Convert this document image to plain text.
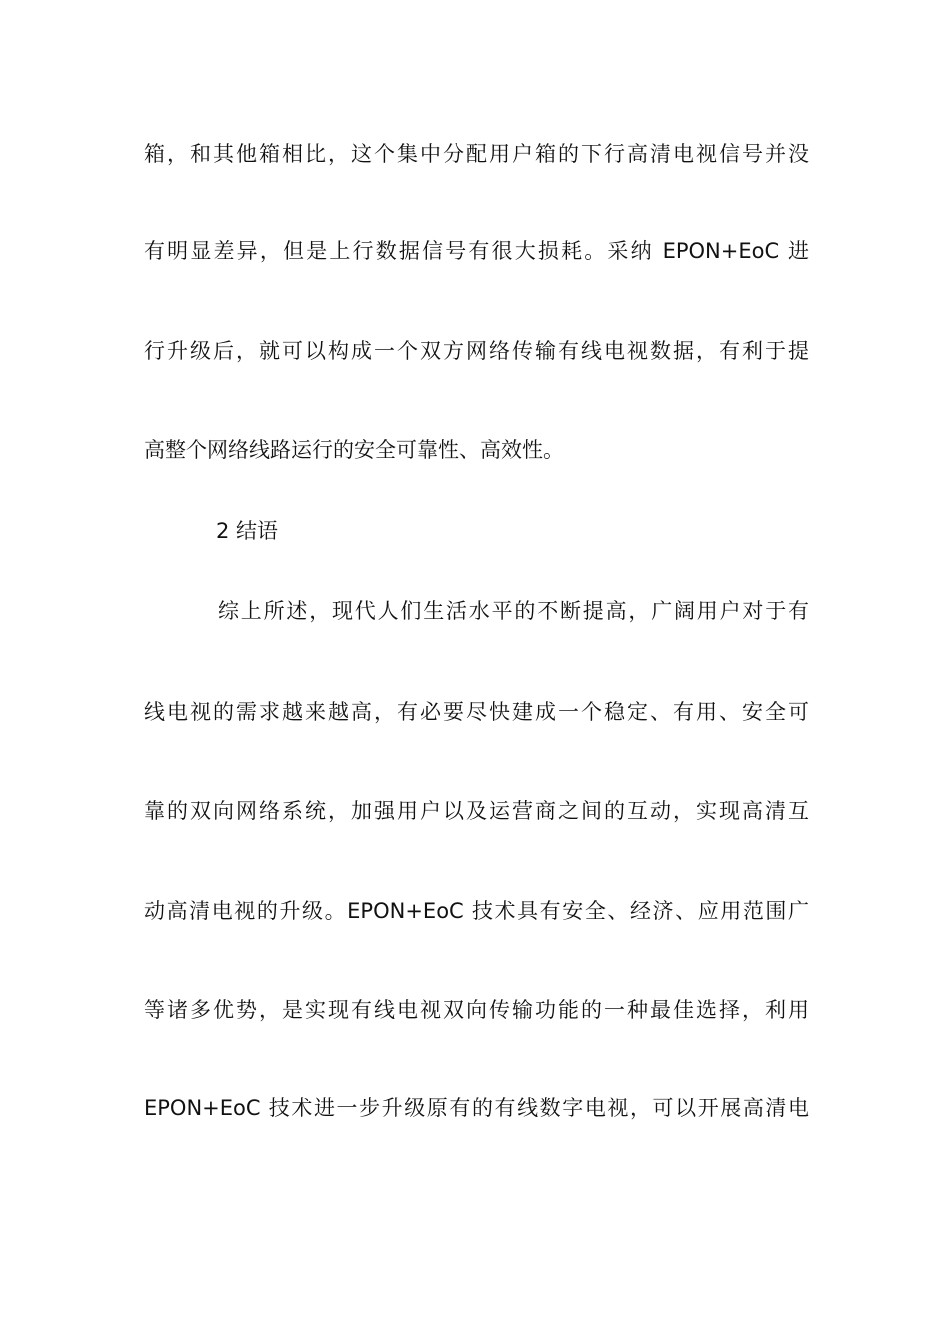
箱，和其他箱相比，这个集中分配用户箱的下行高清电视信号并没
有明显差异，但是上行数据信号有很大损耗。采纳 EPON+EoC 进
行升级后，就可以构成一个双方网络传输有线电视数据，有利于提
高整个网络线路运行的安全可靠性、高效性。
2 结语
综上所述，现代人们生活水平的不断提高，广阔用户对于有
线电视的需求越来越高，有必要尽快建成一个稳定、有用、安全可
靠的双向网络系统，加强用户以及运营商之间的互动，实现高清互
动高清电视的升级。EPON+EoC 技术具有安全、经济、应用范围广
等诸多优势，是实现有线电视双向传输功能的一种最佳选择，利用
EPON+EoC 技术进一步升级原有的有线数字电视，可以开展高清电
